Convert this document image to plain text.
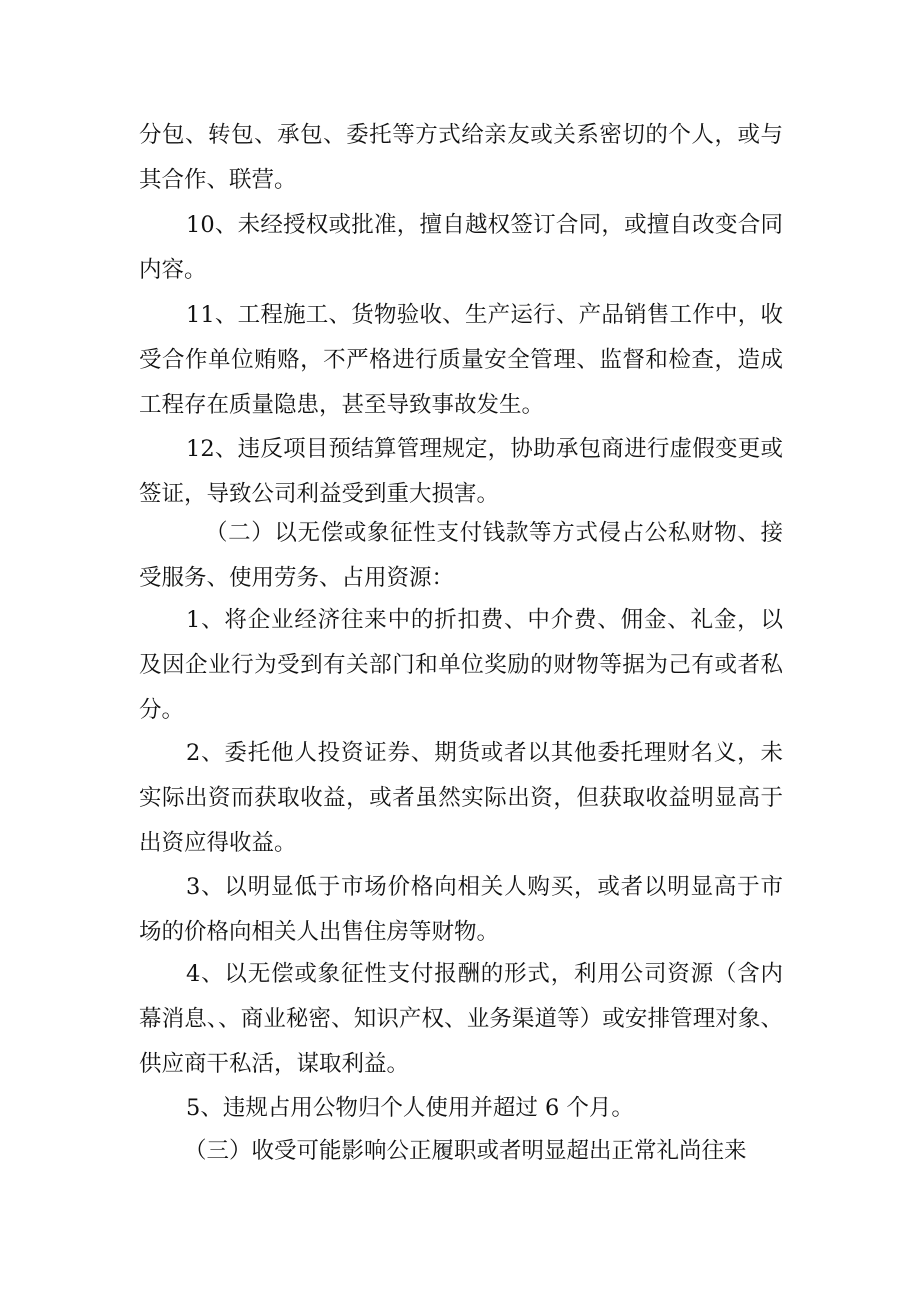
分包、转包、承包、委托等方式给亲友或关系密切的个人，或与其合作、联营。

10、未经授权或批准，擅自越权签订合同，或擅自改变合同内容。

11、工程施工、货物验收、生产运行、产品销售工作中，收受合作单位贿赂，不严格进行质量安全管理、监督和检查，造成工程存在质量隐患，甚至导致事故发生。

12、违反项目预结算管理规定，协助承包商进行虚假变更或签证，导致公司利益受到重大损害。

（二）以无偿或象征性支付钱款等方式侵占公私财物、接受服务、使用劳务、占用资源：

1、将企业经济往来中的折扣费、中介费、佣金、礼金，以及因企业行为受到有关部门和单位奖励的财物等据为己有或者私分。

2、委托他人投资证券、期货或者以其他委托理财名义，未实际出资而获取收益，或者虽然实际出资，但获取收益明显高于出资应得收益。

3、以明显低于市场价格向相关人购买，或者以明显高于市场的价格向相关人出售住房等财物。

4、以无偿或象征性支付报酬的形式，利用公司资源（含内幕消息、、商业秘密、知识产权、业务渠道等）或安排管理对象、供应商干私活，谋取利益。

5、违规占用公物归个人使用并超过 6 个月。

（三）收受可能影响公正履职或者明显超出正常礼尚往来
